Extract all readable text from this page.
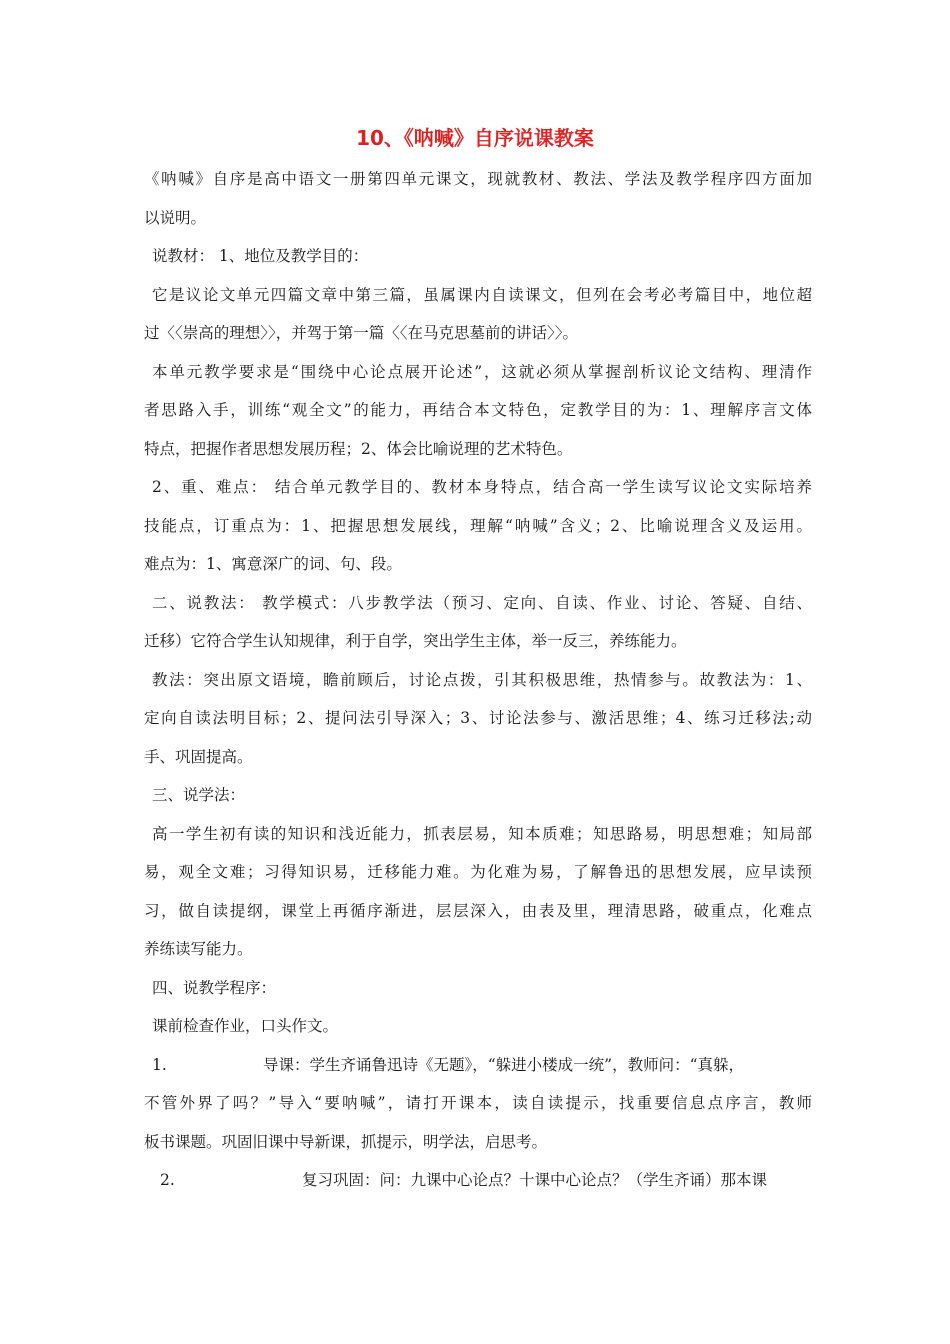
10、《呐喊》自序说课教案

《呐喊》自序是高中语文一册第四单元课文，现就教材、教法、学法及教学程序四方面加

以说明。

说教材： 1、地位及教学目的：

它是议论文单元四篇文章中第三篇，虽属课内自读课文，但列在会考必考篇目中，地位超

过〈〈崇高的理想〉〉，并驾于第一篇〈〈在马克思墓前的讲话〉〉。

本单元教学要求是“围绕中心论点展开论述”，这就必须从掌握剖析议论文结构、理清作

者思路入手，训练“观全文”的能力，再结合本文特色，定教学目的为：1、理解序言文体

特点，把握作者思想发展历程；2、体会比喻说理的艺术特色。

2、重、难点： 结合单元教学目的、教材本身特点，结合高一学生读写议论文实际培养

技能点，订重点为：1、把握思想发展线，理解“呐喊”含义；2、比喻说理含义及运用。

难点为：1、寓意深广的词、句、段。

二、说教法： 教学模式：八步教学法（预习、定向、自读、作业、讨论、答疑、自结、

迁移）它符合学生认知规律，利于自学，突出学生主体，举一反三，养练能力。

教法：突出原文语境，瞻前顾后，讨论点拨，引其积极思维，热情参与。故教法为：1、

定向自读法明目标；2、提问法引导深入；3、讨论法参与、激活思维；4、练习迁移法;动

手、巩固提高。

三、说学法：

高一学生初有读的知识和浅近能力，抓表层易，知本质难；知思路易，明思想难；知局部

易，观全文难；习得知识易，迁移能力难。为化难为易，了解鲁迅的思想发展，应早读预

习，做自读提纲，课堂上再循序渐进，层层深入，由表及里，理清思路，破重点，化难点

养练读写能力。

四、说教学程序：

课前检查作业，口头作文。

1.	导课：学生齐诵鲁迅诗《无题》，“躲进小楼成一统”，教师问：“真躲，

不管外界了吗？”导入“要呐喊”，请打开课本，读自读提示，找重要信息点序言，教师

板书课题。巩固旧课中导新课，抓提示，明学法，启思考。

2.	复习巩固：问：九课中心论点？十课中心论点？（学生齐诵）那本课
